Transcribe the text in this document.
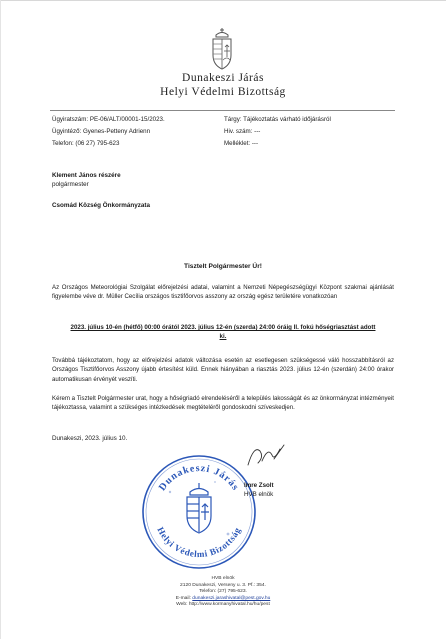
Dunakeszi Járás
Helyi Védelmi Bizottság
Ügyiratszám: PE-06/ALT/00001-15/2023.
Ügyintéző: Gyenes-Petteny Adrienn
Telefon: (06 27) 795-623
Tárgy: Tájékoztatás várható időjárásról
Hiv. szám: ---
Melléklet: ---
Klement János részére
polgármester
Csomád Község Önkormányzata
Tisztelt Polgármester Úr!
Az Országos Meteorológiai Szolgálat előrejelzési adatai, valamint a Nemzeti Népegészségügyi Központ szakmai ajánlását figyelembe véve dr. Müller Cecília országos tisztifőorvos asszony az ország egész területére vonatkozóan
2023. július 10-én (hétfő) 00:00 órától 2023. július 12-én (szerda) 24:00 óráig II. fokú hőségriasztást adott ki.
Továbbá tájékoztatom, hogy az előrejelzési adatok változása esetén az esetlegesen szükségessé váló hosszabbításról az Országos Tisztifőorvos Asszony újabb értesítést küld. Ennek hiányában a riasztás 2023. július 12-én (szerdán) 24:00 órakor automatikusan érvényét veszíti.
Kérem a Tisztelt Polgármester urat, hogy a hőségriadó elrendeléséről a település lakosságát és az önkormányzat intézményeit tájékoztassa, valamint a szükséges intézkedések megtételéről gondoskodni szíveskedjen.
Dunakeszi, 2023. július 10.
Dunakeszi Járás
Helyi Védelmi Bizottság
Imre Zsolt
HVB elnök
HVB elnök
2120 Dunakeszi, Verseny u. 3. Pf.: 354.
Telefon: (27) 795-623.
E-mail: dunakeszi.jarashivatal@pest.gov.hu
Web: http://www.kormanyhivatal.hu/hu/pest
